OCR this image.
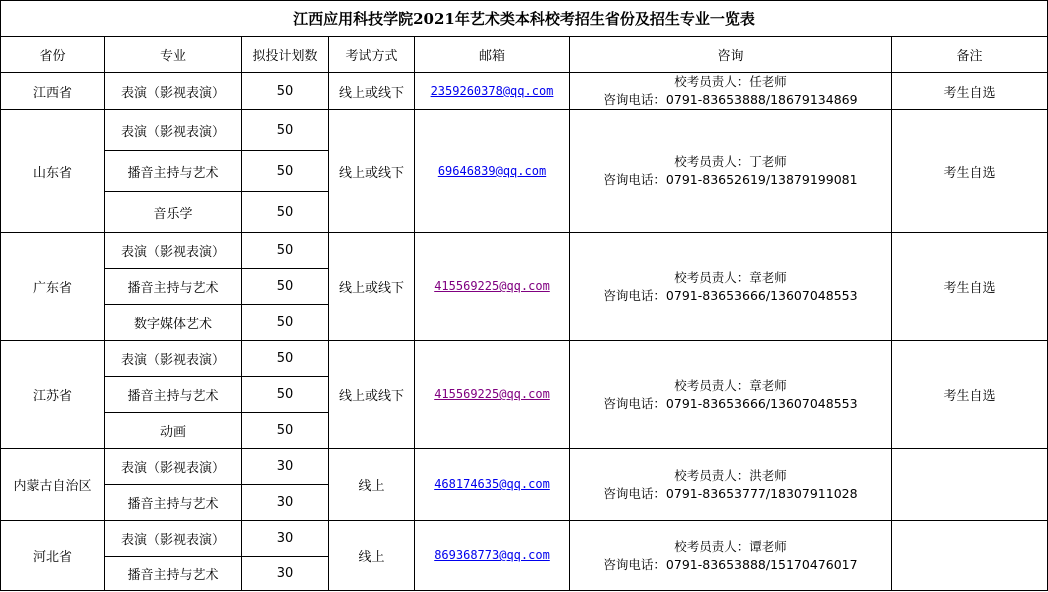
江西应用科技学院2021年艺术类本科校考招生省份及招生专业一览表						
省份	专业	拟投计划数	考试方式	邮箱	咨询	备注
江西省	表演（影视表演）	50	线上或线下	2359260378@qq.com	校考员责人：任老师
咨询电话：0791-83653888/18679134869	考生自选
山东省	表演（影视表演）	50	线上或线下	69646839@qq.com	校考员责人：丁老师
咨询电话：0791-83652619/13879199081	考生自选
	播音主持与艺术	50				
	音乐学	50				
广东省	表演（影视表演）	50	线上或线下	415569225@qq.com	校考员责人：章老师
咨询电话：0791-83653666/13607048553	考生自选
	播音主持与艺术	50				
	数字媒体艺术	50				
江苏省	表演（影视表演）	50	线上或线下	415569225@qq.com	校考员责人：章老师
咨询电话：0791-83653666/13607048553	考生自选
	播音主持与艺术	50				
	动画	50				
内蒙古自治区	表演（影视表演）	30	线上	468174635@qq.com	校考员责人：洪老师
咨询电话：0791-83653777/18307911028	

	播音主持与艺术	30				
河北省	表演（影视表演）	30	线上	869368773@qq.com	校考员责人：谭老师
咨询电话：0791-83653888/15170476017	

	播音主持与艺术	30				
